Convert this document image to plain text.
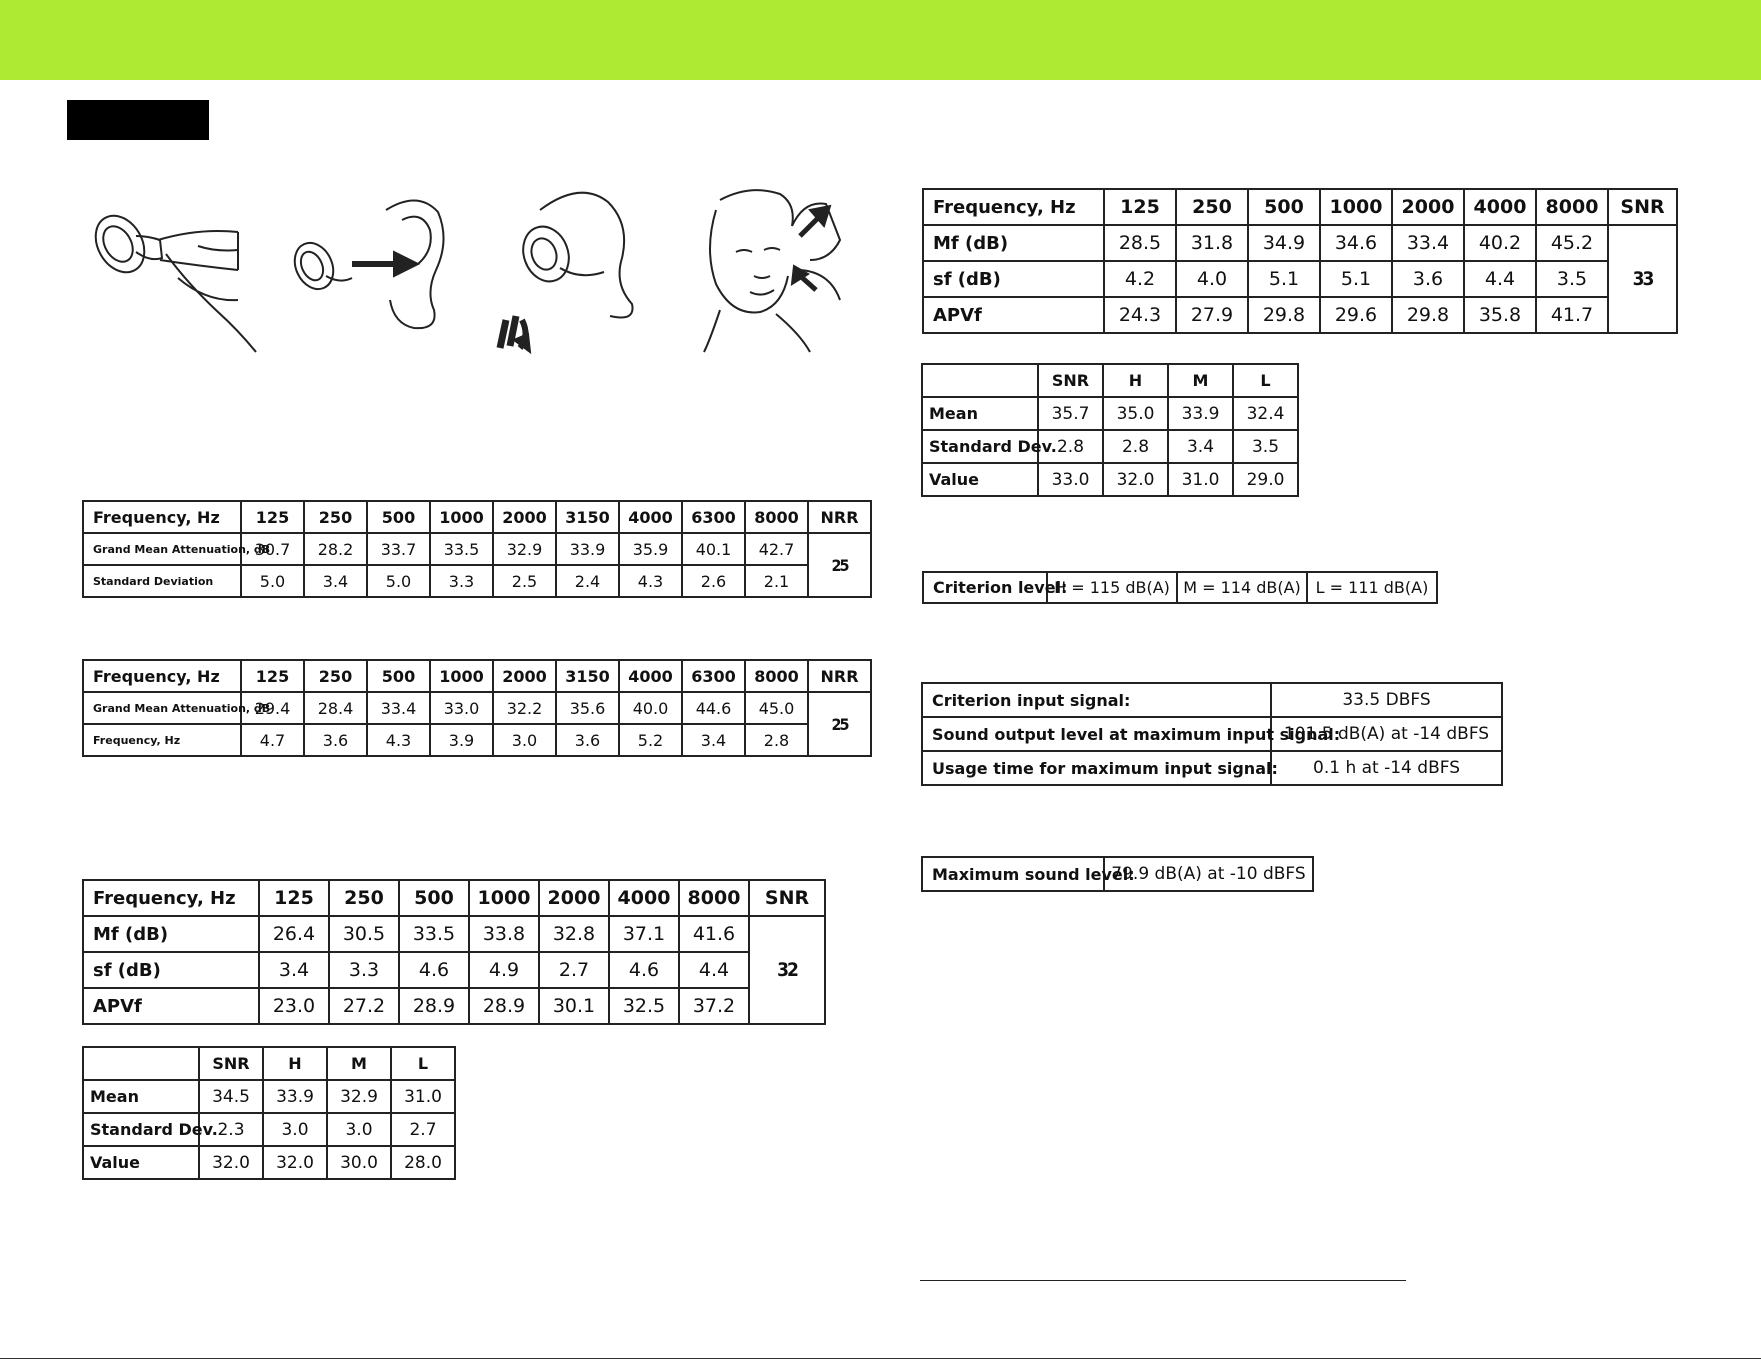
Frequency, Hz	125	250	500	1000	2000	3150	4000	6300	8000	NRR
Grand Mean Attenuation, dB	30.7	28.2	33.7	33.5	32.9	33.9	35.9	40.1	42.7	25
Standard Deviation	5.0	3.4	5.0	3.3	2.5	2.4	4.3	2.6	2.1	
Frequency, Hz	125	250	500	1000	2000	3150	4000	6300	8000	NRR
Grand Mean Attenuation, dB	29.4	28.4	33.4	33.0	32.2	35.6	40.0	44.6	45.0	25
Frequency, Hz	4.7	3.6	4.3	3.9	3.0	3.6	5.2	3.4	2.8	
Frequency, Hz	125	250	500	1000	2000	4000	8000	SNR
Mf (dB)	26.4	30.5	33.5	33.8	32.8	37.1	41.6	32
sf (dB)	3.4	3.3	4.6	4.9	2.7	4.6	4.4	
APVf	23.0	27.2	28.9	28.9	30.1	32.5	37.2	
	SNR	H	M	L
Mean	34.5	33.9	32.9	31.0
Standard Dev.	2.3	3.0	3.0	2.7
Value	32.0	32.0	30.0	28.0
Frequency, Hz	125	250	500	1000	2000	4000	8000	SNR
Mf (dB)	28.5	31.8	34.9	34.6	33.4	40.2	45.2	33
sf (dB)	4.2	4.0	5.1	5.1	3.6	4.4	3.5	
APVf	24.3	27.9	29.8	29.6	29.8	35.8	41.7	
	SNR	H	M	L
Mean	35.7	35.0	33.9	32.4
Standard Dev.	2.8	2.8	3.4	3.5
Value	33.0	32.0	31.0	29.0
Criterion level:	H = 115 dB(A)	M = 114 dB(A)	L = 111 dB(A)
Criterion input signal:	33.5 DBFS
Sound output level at maximum input signal:	101.5 dB(A) at -14 dBFS
Usage time for maximum input signal:	0.1 h at -14 dBFS
Maximum sound level:	79.9 dB(A) at -10 dBFS
